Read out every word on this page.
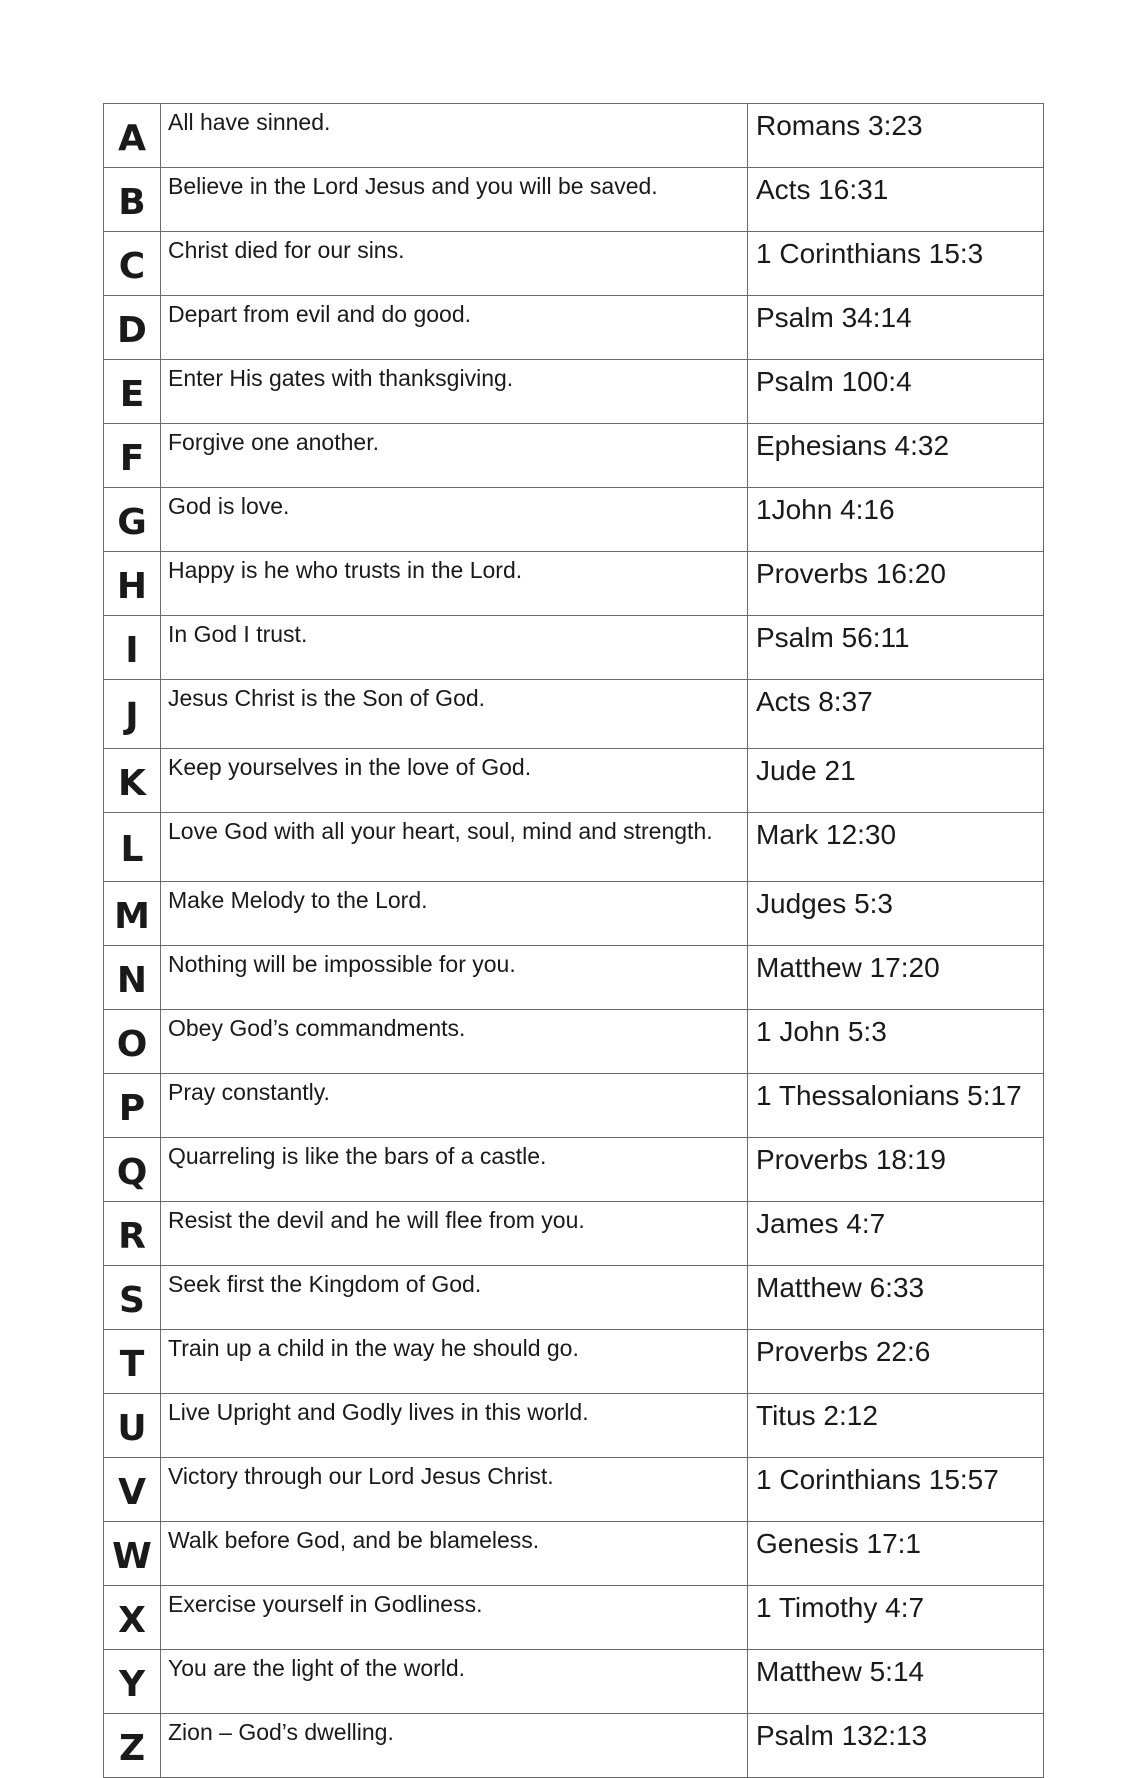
A	All have sinned.	Romans 3:23
B	Believe in the Lord Jesus and you will be saved.	Acts 16:31
C	Christ died for our sins.	1 Corinthians 15:3
D	Depart from evil and do good.	Psalm 34:14
E	Enter His gates with thanksgiving.	Psalm 100:4
F	Forgive one another.	Ephesians 4:32
G	God is love.	1John 4:16
H	Happy is he who trusts in the Lord.	Proverbs 16:20
I	In God I trust.	Psalm 56:11
J	Jesus Christ is the Son of God.	Acts 8:37
K	Keep yourselves in the love of God.	Jude 21
L	Love God with all your heart, soul, mind and strength.	Mark 12:30
M	Make Melody to the Lord.	Judges 5:3
N	Nothing will be impossible for you.	Matthew 17:20
O	Obey God’s commandments.	1 John 5:3
P	Pray constantly.	1 Thessalonians 5:17
Q	Quarreling is like the bars of a castle.	Proverbs 18:19
R	Resist the devil and he will flee from you.	James 4:7
S	Seek first the Kingdom of God.	Matthew 6:33
T	Train up a child in the way he should go.	Proverbs 22:6
U	Live Upright and Godly lives in this world.	Titus 2:12
V	Victory through our Lord Jesus Christ.	1 Corinthians 15:57
W	Walk before God, and be blameless.	Genesis 17:1
X	Exercise yourself in Godliness.	1 Timothy 4:7
Y	You are the light of the world.	Matthew 5:14
Z	Zion – God’s dwelling.	Psalm 132:13
